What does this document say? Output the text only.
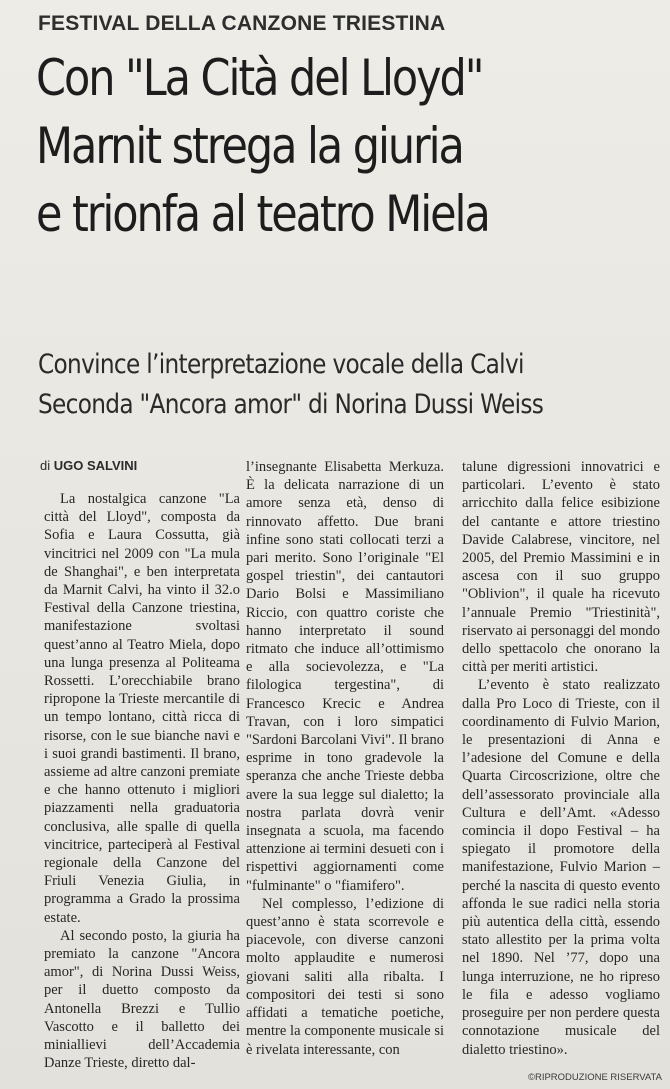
FESTIVAL DELLA CANZONE TRIESTINA
Con "La Cità del Lloyd"
Marnit strega la giuria
e trionfa al teatro Miela
Convince l’interpretazione vocale della Calvi
Seconda "Ancora amor" di Norina Dussi Weiss
di UGO SALVINI

La nostalgica canzone "La città del Lloyd", composta da Sofia e Laura Cossutta, già vincitrici nel 2009 con "La mula de Shanghai", e ben interpretata da Marnit Calvi, ha vinto il 32.o Festival della Canzone triestina, manifestazione svoltasi quest’anno al Teatro Miela, dopo una lunga presenza al Politeama Rossetti. L’orecchiabile brano ripropone la Trieste mercantile di un tempo lontano, città ricca di risorse, con le sue bianche navi e i suoi grandi bastimenti. Il brano, assieme ad altre canzoni premiate e che hanno ottenuto i migliori piazzamenti nella graduatoria conclusiva, alle spalle di quella vincitrice, parteciperà al Festival regionale della Canzone del Friuli Venezia Giulia, in programma a Grado la prossima estate.

Al secondo posto, la giuria ha premiato la canzone "Ancora amor", di Norina Dussi Weiss, per il duetto composto da Antonella Brezzi e Tullio Vascotto e il balletto dei miniallievi dell’Accademia Danze Trieste, diretto dal-

l’insegnante Elisabetta Merkuza. È la delicata narrazione di un amore senza età, denso di rinnovato affetto. Due brani infine sono stati collocati terzi a pari merito. Sono l’originale "El gospel triestin", dei cantautori Dario Bolsi e Massimiliano Riccio, con quattro coriste che hanno interpretato il sound ritmato che induce all’ottimismo e alla socievolezza, e "La filologica tergestina", di Francesco Krecic e Andrea Travan, con i loro simpatici "Sardoni Barcolani Vivi". Il brano esprime in tono gradevole la speranza che anche Trieste debba avere la sua legge sul dialetto; la nostra parlata dovrà venir insegnata a scuola, ma facendo attenzione ai termini desueti con i rispettivi aggiornamenti come "fulminante" o "fiamifero".

Nel complesso, l’edizione di quest’anno è stata scorrevole e piacevole, con diverse canzoni molto applaudite e numerosi giovani saliti alla ribalta. I compositori dei testi si sono affidati a tematiche poetiche, mentre la componente musicale si è rivelata interessante, con

talune digressioni innovatrici e particolari. L’evento è stato arricchito dalla felice esibizione del cantante e attore triestino Davide Calabrese, vincitore, nel 2005, del Premio Massimini e in ascesa con il suo gruppo "Oblivion", il quale ha ricevuto l’annuale Premio "Triestinità", riservato ai personaggi del mondo dello spettacolo che onorano la città per meriti artistici.

L’evento è stato realizzato dalla Pro Loco di Trieste, con il coordinamento di Fulvio Marion, le presentazioni di Anna e l’adesione del Comune e della Quarta Circoscrizione, oltre che dell’assessorato provinciale alla Cultura e dell’Amt. «Adesso comincia il dopo Festival – ha spiegato il promotore della manifestazione, Fulvio Marion – perché la nascita di questo evento affonda le sue radici nella storia più autentica della città, essendo stato allestito per la prima volta nel 1890. Nel ’77, dopo una lunga interruzione, ne ho ripreso le fila e adesso vogliamo proseguire per non perdere questa connotazione musicale del dialetto triestino».

©RIPRODUZIONE RISERVATA
